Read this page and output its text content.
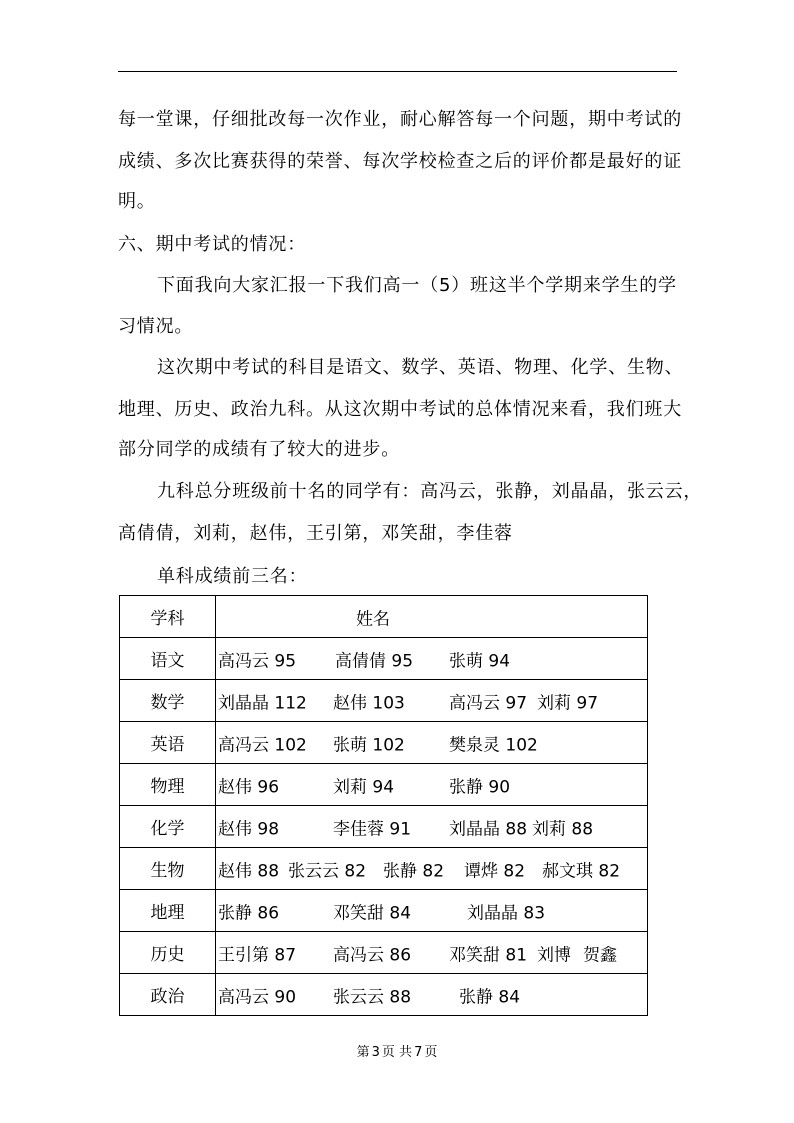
每一堂课，仔细批改每一次作业，耐心解答每一个问题，期中考试的
成绩、多次比赛获得的荣誉、每次学校检查之后的评价都是最好的证
明。
六、期中考试的情况：
下面我向大家汇报一下我们高一（5）班这半个学期来学生的学
习情况。
这次期中考试的科目是语文、数学、英语、物理、化学、生物、
地理、历史、政治九科。从这次期中考试的总体情况来看，我们班大
部分同学的成绩有了较大的进步。
九科总分班级前十名的同学有：高冯云，张静，刘晶晶，张云云，
高倩倩，刘莉，赵伟，王引第，邓笑甜，李佳蓉
单科成绩前三名：
学科	姓名

语文	高冯云 95 高倩倩 95 张萌 94

数学	刘晶晶 112 赵伟 103 高冯云 97 刘莉 97

英语	高冯云 102 张萌 102 樊泉灵 102

物理	赵伟 96 刘莉 94 张静 90

化学	赵伟 98 李佳蓉 91 刘晶晶 88 刘莉 88

生物	赵伟 88 张云云 82 张静 82 谭烨 82 郝文琪 82

地理	张静 86 邓笑甜 84 刘晶晶 83

历史	王引第 87 高冯云 86 邓笑甜 81 刘博 贺鑫

政治	高冯云 90 张云云 88 张静 84
第 3 页 共 7 页
